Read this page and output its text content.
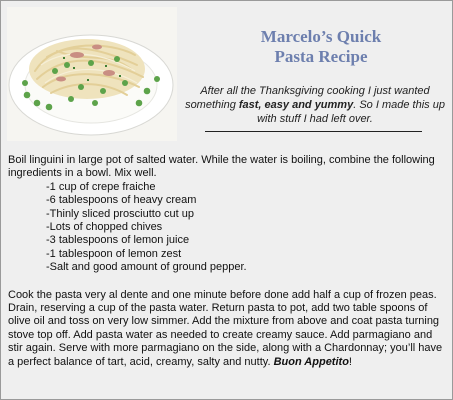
Marcelo’s Quick
Pasta Recipe
After all the Thanksgiving cooking I just wanted something fast, easy and yummy. So I made this up with stuff I had left over.

Boil linguini in large pot of salted water. While the water is boiling, combine the following ingredients in a bowl. Mix well.

-1 cup of crepe fraiche
-6 tablespoons of heavy cream
-Thinly sliced prosciutto cut up
-Lots of chopped chives
-3 tablespoons of lemon juice
-1 tablespoon of lemon zest
-Salt and good amount of ground pepper.

Cook the pasta very al dente and one minute before done add half a cup of frozen peas. Drain, reserving a cup of the pasta water. Return pasta to pot, add two table spoons of olive oil and toss on very low simmer. Add the mixture from above and coat pasta turning stove top off. Add pasta water as needed to create creamy sauce. Add parmagiano and stir again. Serve with more parmagiano on the side, along with a Chardonnay; you’ll have a perfect balance of tart, acid, creamy, salty and nutty. Buon Appetito!
